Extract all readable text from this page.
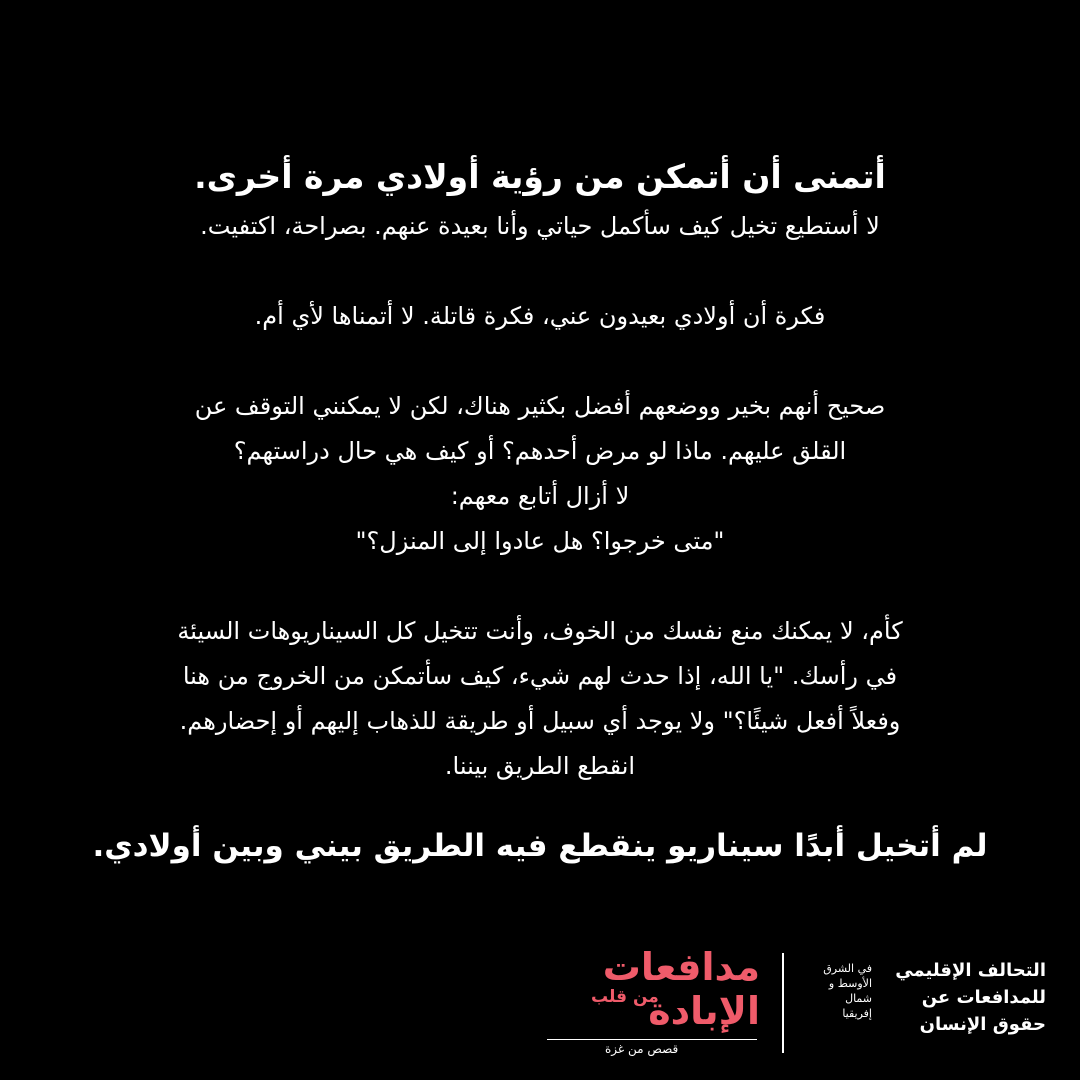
أتمنى أن أتمكن من رؤية أولادي مرة أخرى.

لا أستطيع تخيل كيف سأكمل حياتي وأنا بعيدة عنهم. بصراحة، اكتفيت.

فكرة أن أولادي بعيدون عني، فكرة قاتلة. لا أتمناها لأي أم.

صحيح أنهم بخير ووضعهم أفضل بكثير هناك، لكن لا يمكنني التوقف عن
القلق عليهم. ماذا لو مرض أحدهم؟ أو كيف هي حال دراستهم؟
لا أزال أتابع معهم:
"متى خرجوا؟ هل عادوا إلى المنزل؟"

كأم، لا يمكنك منع نفسك من الخوف، وأنت تتخيل كل السيناريوهات السيئة
في رأسك. "يا الله، إذا حدث لهم شيء، كيف سأتمكن من الخروج من هنا
وفعلاً أفعل شيئًا؟" ولا يوجد أي سبيل أو طريقة للذهاب إليهم أو إحضارهم.
انقطع الطريق بيننا.

لم أتخيل أبدًا سيناريو ينقطع فيه الطريق بيني وبين أولادي.

مدافعات
الإبادة
من قلب
قصص من غزة
التحالف الإقليمي
للمدافعات عن
حقوق الإنسان
في الشرق
الأوسط و
شمال
إفريقيا
